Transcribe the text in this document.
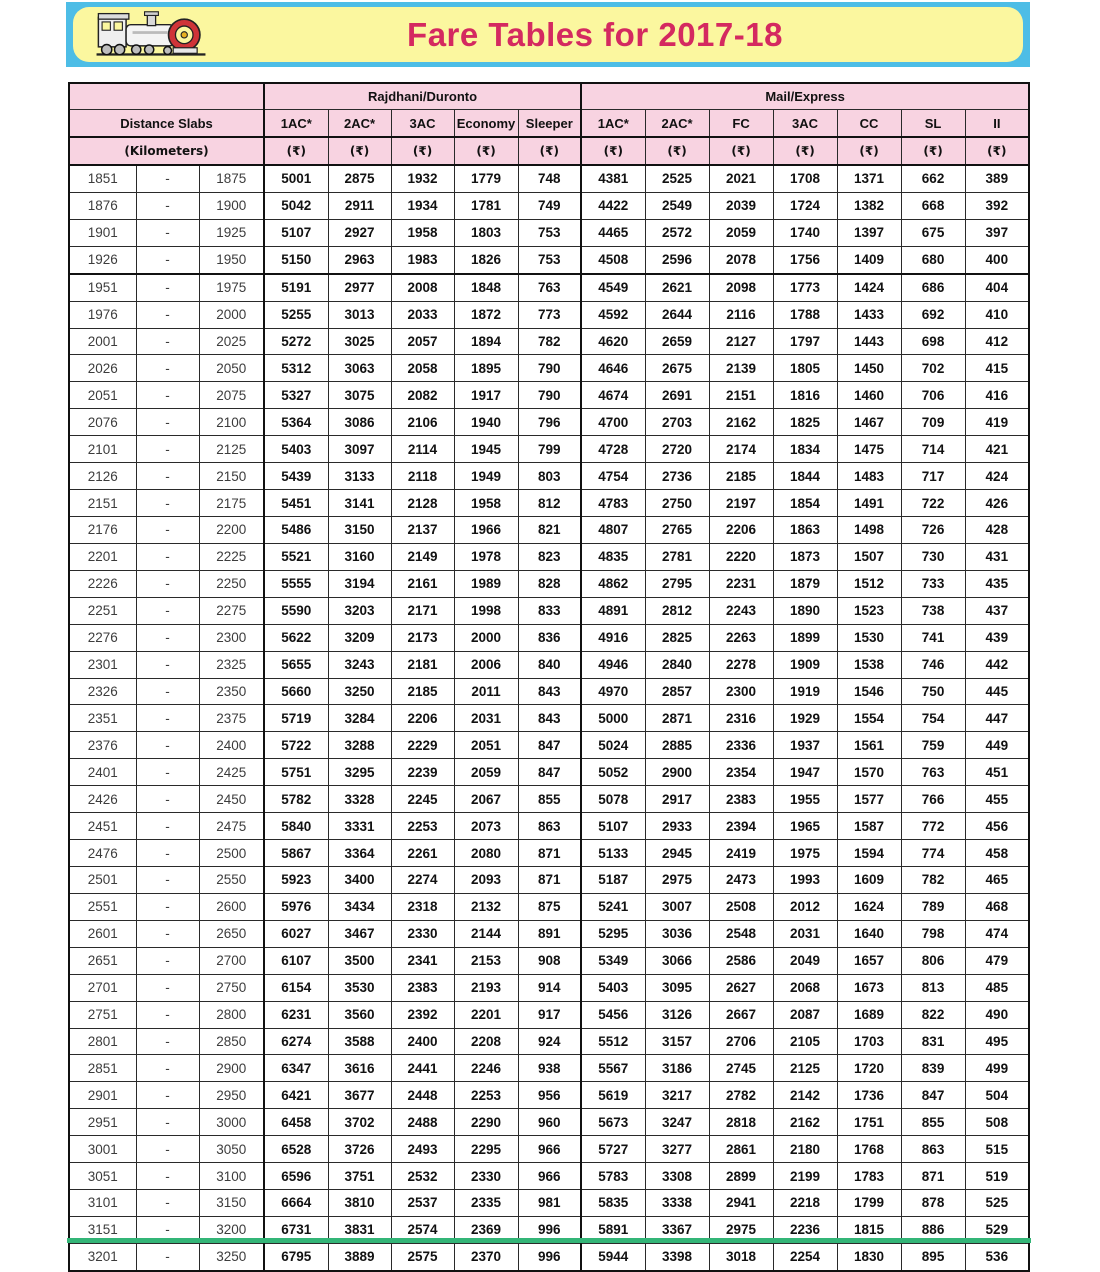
Fare Tables for 2017-18
			Rajdhani/Duronto					Mail/Express						
Distance Slabs			1AC*	2AC*	3AC	Economy	Sleeper	1AC*	2AC*	FC	3AC	CC	SL	II
(Kilometers)			(₹)	(₹)	(₹)	(₹)	(₹)	(₹)	(₹)	(₹)	(₹)	(₹)	(₹)	(₹)
1851	-	1875	5001	2875	1932	1779	748	4381	2525	2021	1708	1371	662	389
1876	-	1900	5042	2911	1934	1781	749	4422	2549	2039	1724	1382	668	392
1901	-	1925	5107	2927	1958	1803	753	4465	2572	2059	1740	1397	675	397
1926	-	1950	5150	2963	1983	1826	753	4508	2596	2078	1756	1409	680	400
1951	-	1975	5191	2977	2008	1848	763	4549	2621	2098	1773	1424	686	404
1976	-	2000	5255	3013	2033	1872	773	4592	2644	2116	1788	1433	692	410
2001	-	2025	5272	3025	2057	1894	782	4620	2659	2127	1797	1443	698	412
2026	-	2050	5312	3063	2058	1895	790	4646	2675	2139	1805	1450	702	415
2051	-	2075	5327	3075	2082	1917	790	4674	2691	2151	1816	1460	706	416
2076	-	2100	5364	3086	2106	1940	796	4700	2703	2162	1825	1467	709	419
2101	-	2125	5403	3097	2114	1945	799	4728	2720	2174	1834	1475	714	421
2126	-	2150	5439	3133	2118	1949	803	4754	2736	2185	1844	1483	717	424
2151	-	2175	5451	3141	2128	1958	812	4783	2750	2197	1854	1491	722	426
2176	-	2200	5486	3150	2137	1966	821	4807	2765	2206	1863	1498	726	428
2201	-	2225	5521	3160	2149	1978	823	4835	2781	2220	1873	1507	730	431
2226	-	2250	5555	3194	2161	1989	828	4862	2795	2231	1879	1512	733	435
2251	-	2275	5590	3203	2171	1998	833	4891	2812	2243	1890	1523	738	437
2276	-	2300	5622	3209	2173	2000	836	4916	2825	2263	1899	1530	741	439
2301	-	2325	5655	3243	2181	2006	840	4946	2840	2278	1909	1538	746	442
2326	-	2350	5660	3250	2185	2011	843	4970	2857	2300	1919	1546	750	445
2351	-	2375	5719	3284	2206	2031	843	5000	2871	2316	1929	1554	754	447
2376	-	2400	5722	3288	2229	2051	847	5024	2885	2336	1937	1561	759	449
2401	-	2425	5751	3295	2239	2059	847	5052	2900	2354	1947	1570	763	451
2426	-	2450	5782	3328	2245	2067	855	5078	2917	2383	1955	1577	766	455
2451	-	2475	5840	3331	2253	2073	863	5107	2933	2394	1965	1587	772	456
2476	-	2500	5867	3364	2261	2080	871	5133	2945	2419	1975	1594	774	458
2501	-	2550	5923	3400	2274	2093	871	5187	2975	2473	1993	1609	782	465
2551	-	2600	5976	3434	2318	2132	875	5241	3007	2508	2012	1624	789	468
2601	-	2650	6027	3467	2330	2144	891	5295	3036	2548	2031	1640	798	474
2651	-	2700	6107	3500	2341	2153	908	5349	3066	2586	2049	1657	806	479
2701	-	2750	6154	3530	2383	2193	914	5403	3095	2627	2068	1673	813	485
2751	-	2800	6231	3560	2392	2201	917	5456	3126	2667	2087	1689	822	490
2801	-	2850	6274	3588	2400	2208	924	5512	3157	2706	2105	1703	831	495
2851	-	2900	6347	3616	2441	2246	938	5567	3186	2745	2125	1720	839	499
2901	-	2950	6421	3677	2448	2253	956	5619	3217	2782	2142	1736	847	504
2951	-	3000	6458	3702	2488	2290	960	5673	3247	2818	2162	1751	855	508
3001	-	3050	6528	3726	2493	2295	966	5727	3277	2861	2180	1768	863	515
3051	-	3100	6596	3751	2532	2330	966	5783	3308	2899	2199	1783	871	519
3101	-	3150	6664	3810	2537	2335	981	5835	3338	2941	2218	1799	878	525
3151	-	3200	6731	3831	2574	2369	996	5891	3367	2975	2236	1815	886	529
3201	-	3250	6795	3889	2575	2370	996	5944	3398	3018	2254	1830	895	536
